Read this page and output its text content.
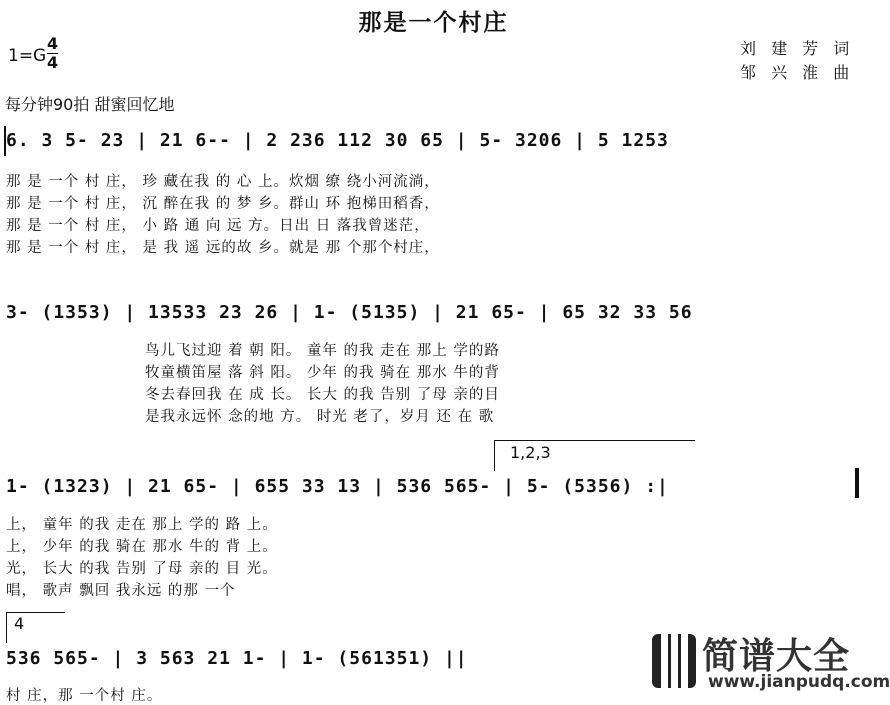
那是一个村庄
1=G
4
4
刘 建 芳 词
邹 兴 淮 曲
每分钟90拍 甜蜜回忆地
6. 3 5- 23 | 21 6-- | 2 236 112 30 65 | 5- 3206 | 5 1253
那 是 一个 村 庄， 珍 藏在我 的 心 上。炊烟 缭 绕小河流淌，
那 是 一个 村 庄， 沉 醉在我 的 梦 乡。群山 环 抱梯田稻香，
那 是 一个 村 庄， 小 路 通 向 远 方。日出 日 落我曾迷茫，
那 是 一个 村 庄， 是 我 遥 远的故 乡。就是 那 个那个村庄，
3- (1353) | 13533 23 26 | 1- (5135) | 21 65- | 65 32 33 56
鸟儿飞过迎 着 朝 阳。 童年 的我 走在 那上 学的路
牧童横笛屋 落 斜 阳。 少年 的我 骑在 那水 牛的背
冬去春回我 在 成 长。 长大 的我 告别 了母 亲的目
是我永远怀 念的地 方。 时光 老了，岁月 还 在 歌
1,2,3
1- (1323) | 21 65- | 655 33 13 | 536 565- | 5- (5356) :|
上， 童年 的我 走在 那上 学的 路 上。
上， 少年 的我 骑在 那水 牛的 背 上。
光， 长大 的我 告别 了母 亲的 目 光。
唱， 歌声 飘回 我永远 的那 一个
4
536 565- | 3 563 21 1- | 1- (561351) ||
村 庄，那 一个村 庄。
简谱大全
www.jianpudq.com
